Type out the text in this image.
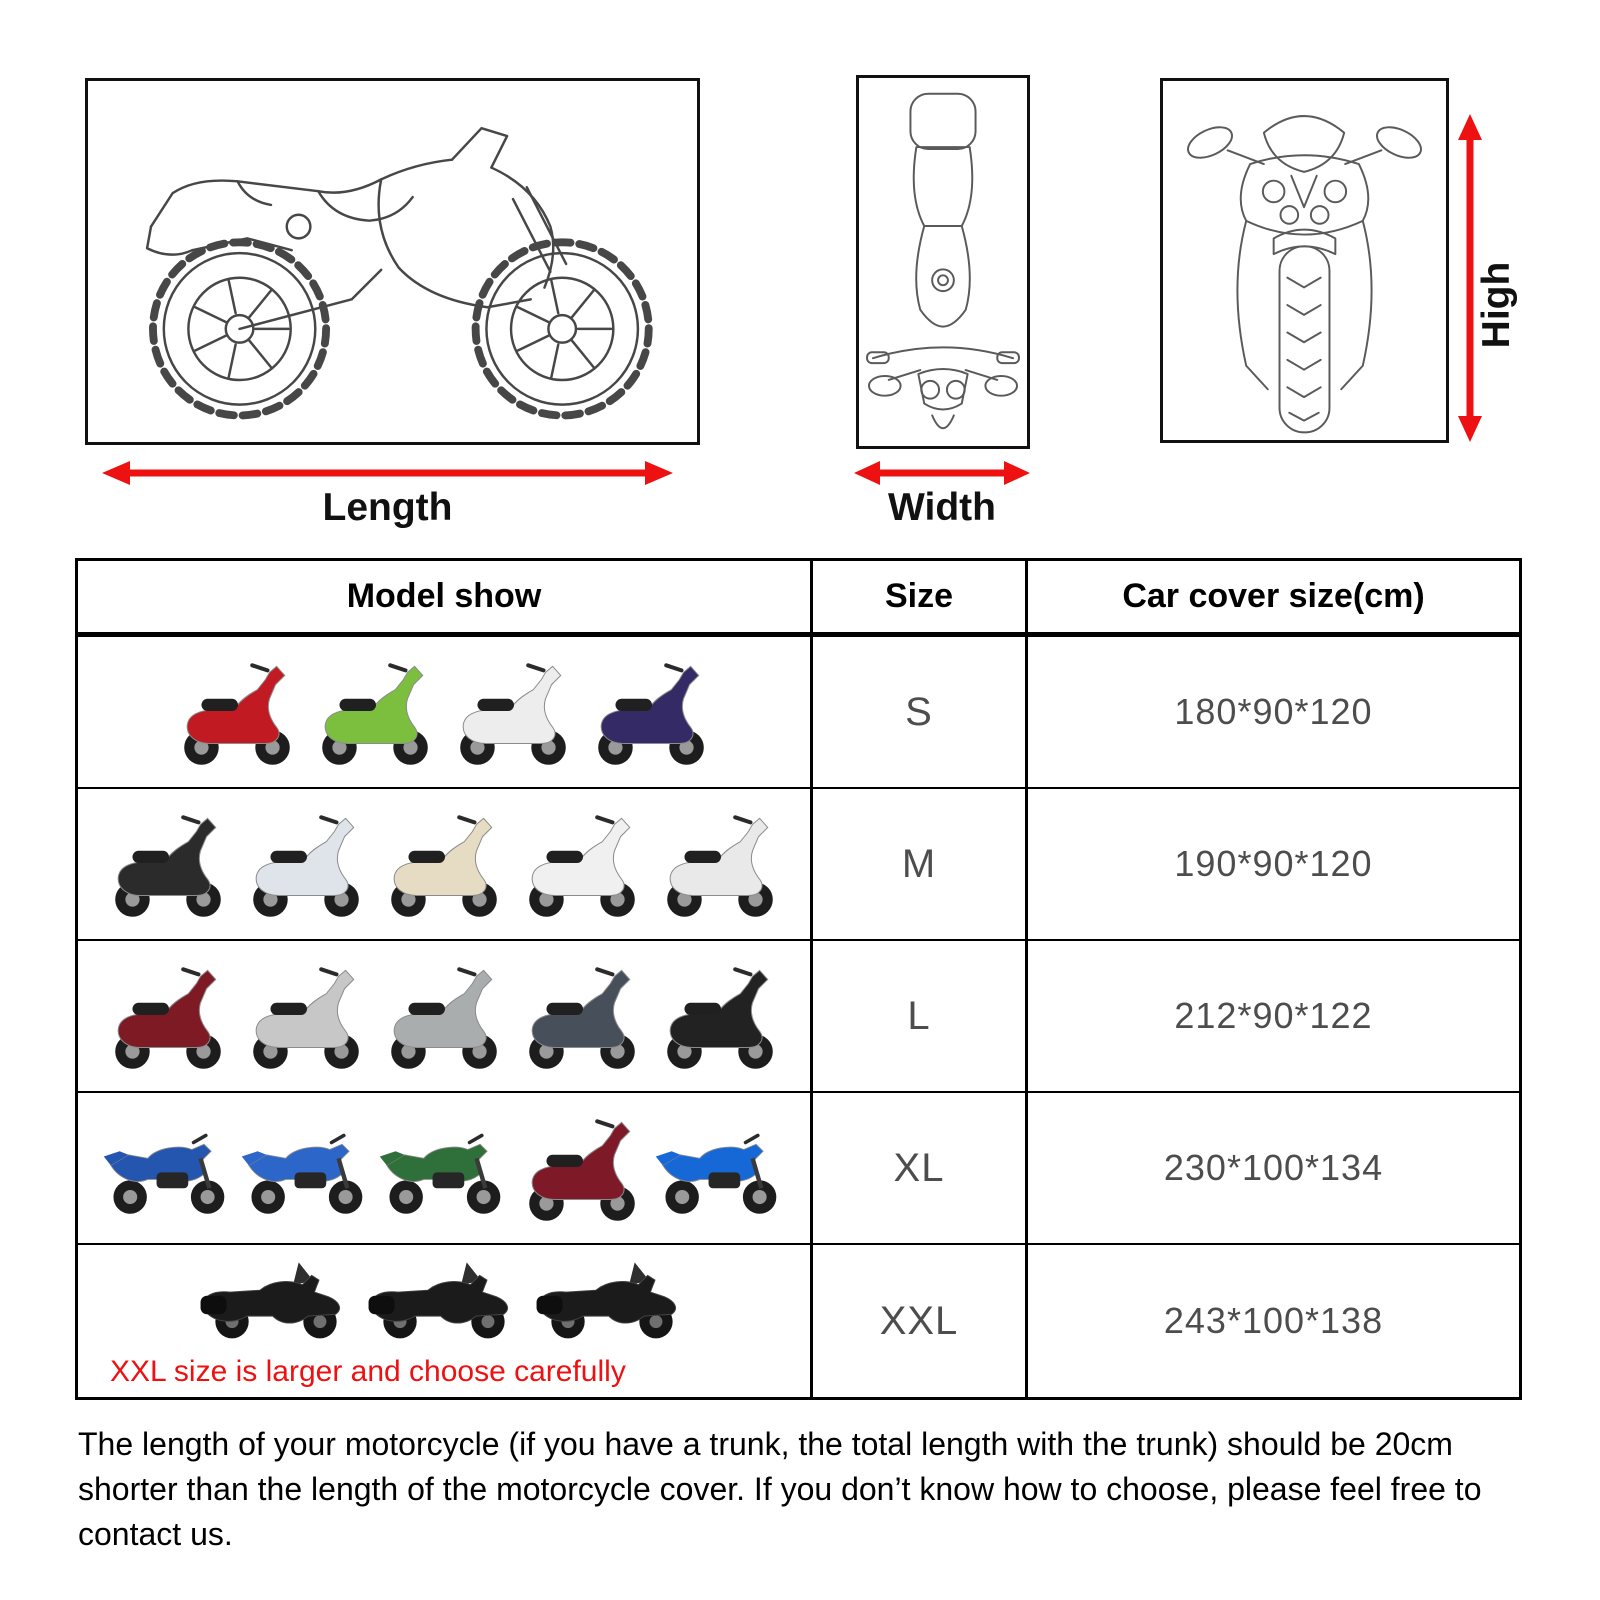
Length	Width
High
Model show	Size	Car cover size(cm)
S	180*90*120
M	190*90*120
L	212*90*122
XL	230*100*134
XXL size is larger and choose carefully
XXL	243*100*138

The length of your motorcycle (if you have a trunk, the total length with the trunk) should be 20cm shorter than the length of the motorcycle cover. If you don’t know how to choose, please feel free to contact us.
